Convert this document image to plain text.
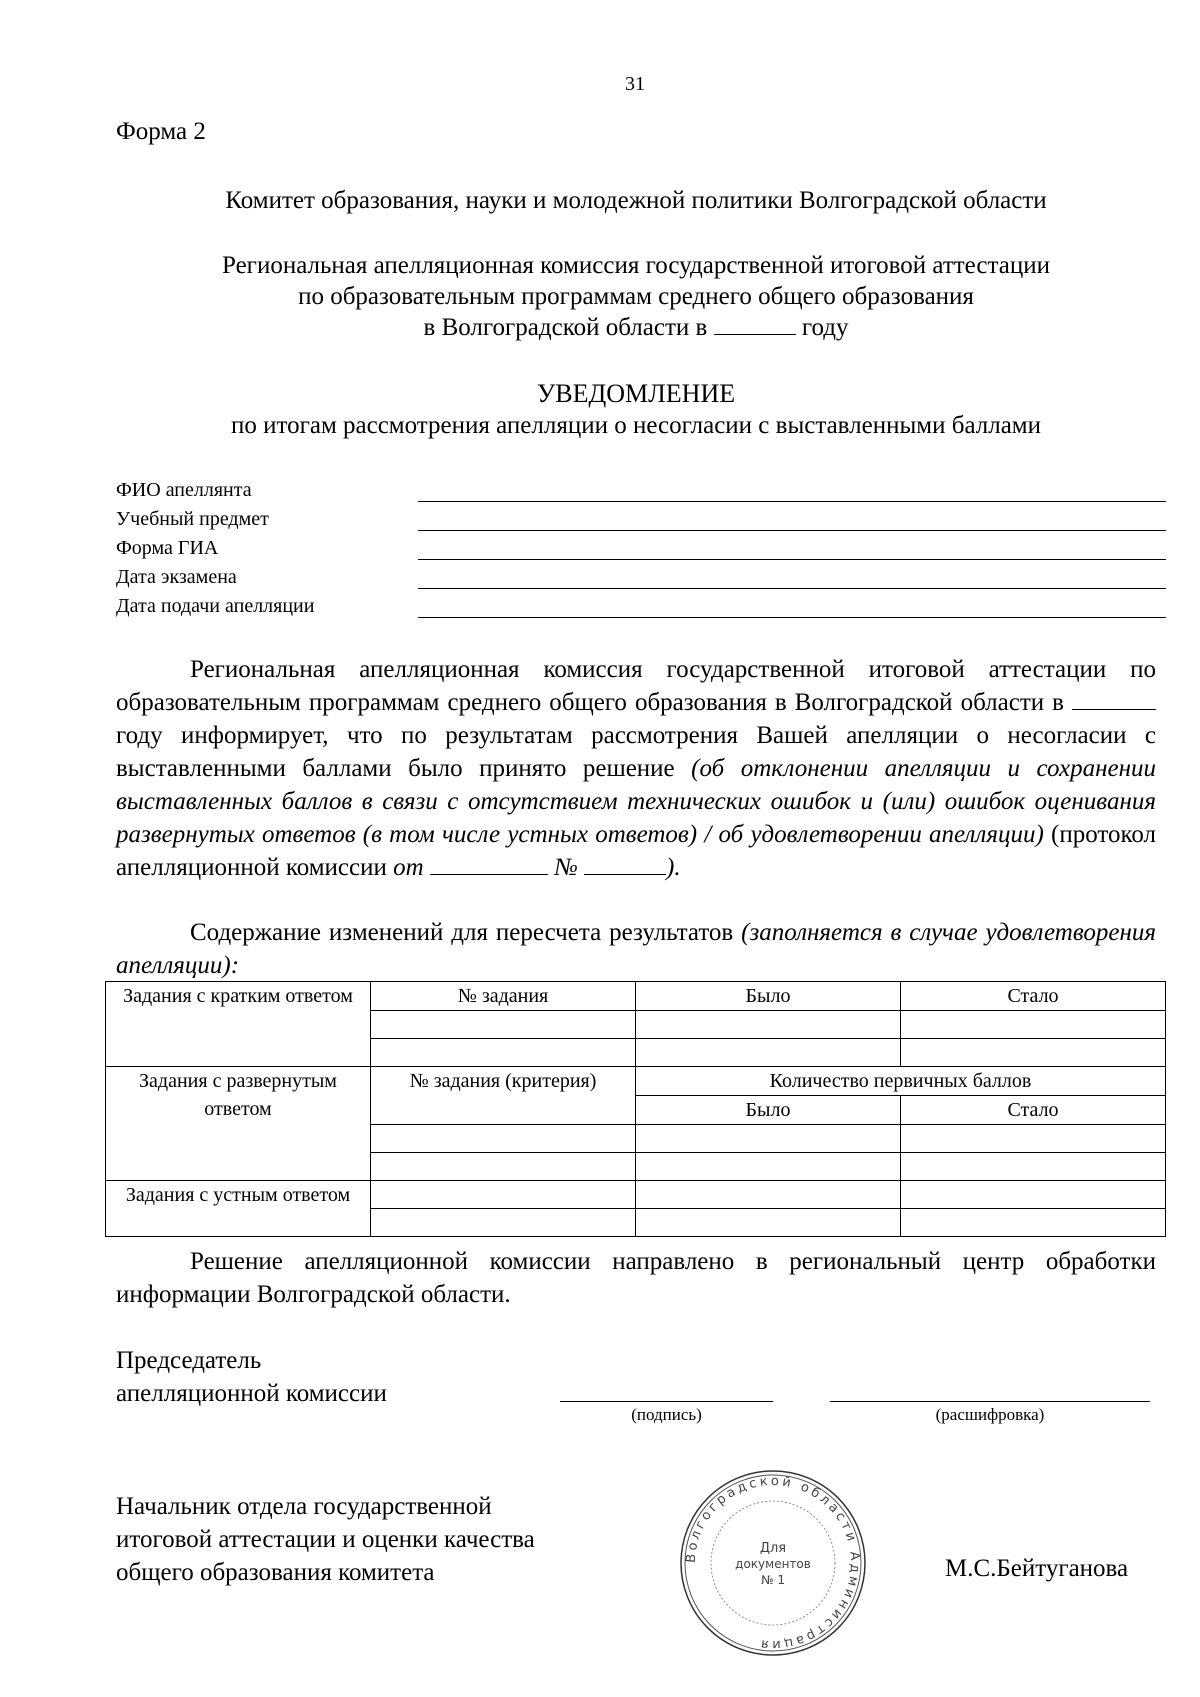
31
Форма 2
Комитет образования, науки и молодежной политики Волгоградской области
Региональная апелляционная комиссия государственной итоговой аттестации
по образовательным программам среднего общего образования
в Волгоградской области в	году
УВЕДОМЛЕНИЕ
по итогам рассмотрения апелляции о несогласии с выставленными баллами
ФИО апеллянта
Учебный предмет
Форма ГИА
Дата экзамена
Дата подачи апелляции
Региональная апелляционная комиссия государственной итоговой аттестации по образовательным программам среднего общего образования в Волгоградской области в  году информирует, что по результатам рассмотрения Вашей апелляции о несогласии с выставленными баллами было принято решение (об отклонении апелляции и сохранении выставленных баллов в связи с отсутствием технических ошибок и (или) ошибок оценивания развернутых ответов (в том числе устных ответов) / об удовлетворении апелляции) (протокол апелляционной комиссии от	№	).
Содержание изменений для пересчета результатов (заполняется в случае удовлетворения апелляции):
Задания с кратким ответом	№ задания	Было	Стало

Задания с развернутым ответом	№ задания (критерия)	Количество первичных баллов	
		Было	Стало

Задания с устным ответом			

Решение апелляционной комиссии направлено в региональный центр обработки информации Волгоградской области.
Председатель
апелляционной комиссии
(подпись)	(расшифровка)
Начальник отдела государственной
итоговой аттестации и оценки качества
общего образования комитета
Волгоградской области Администрация
Для
документов
№ 1	М.С.Бейтуганова
